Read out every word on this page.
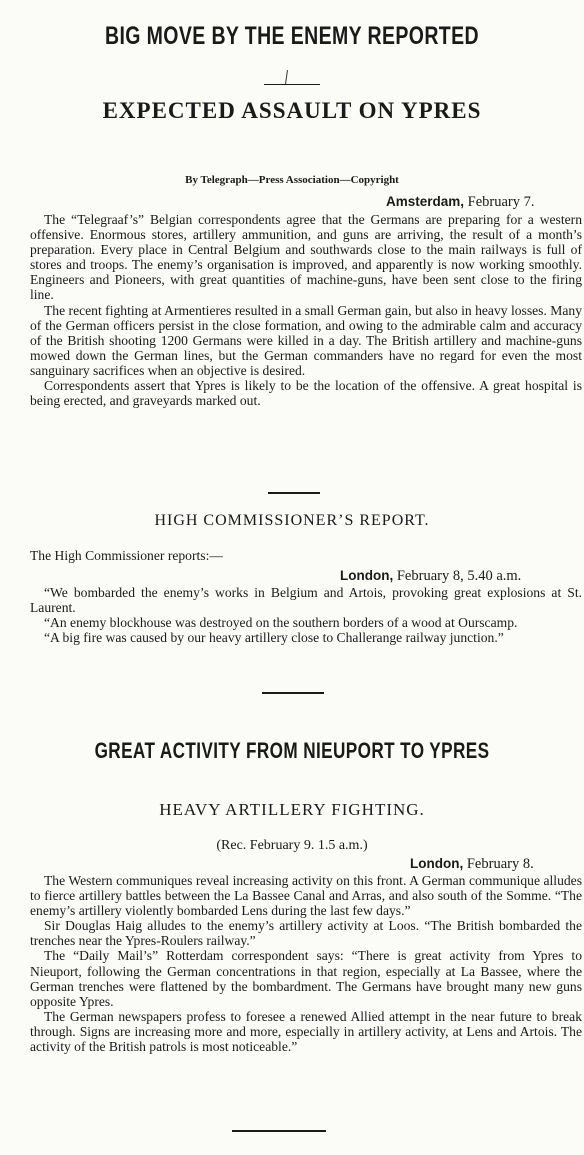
BIG MOVE BY THE ENEMY REPORTED
EXPECTED ASSAULT ON YPRES
By Telegraph—Press Association—Copyright
Amsterdam, February 7.

The “Telegraaf’s” Belgian correspondents agree that the Germans are preparing for a western offensive. Enormous stores, artillery ammunition, and guns are arriving, the result of a month’s preparation. Every place in Central Belgium and southwards close to the main railways is full of stores and troops. The enemy’s organisation is improved, and apparently is now working smoothly. Engineers and Pioneers, with great quantities of machine-guns, have been sent close to the firing line.

The recent fighting at Armentieres resulted in a small German gain, but also in heavy losses. Many of the German officers persist in the close formation, and owing to the admirable calm and accuracy of the British shooting 1200 Germans were killed in a day. The British artillery and machine-guns mowed down the German lines, but the German commanders have no regard for even the most sanguinary sacrifices when an objective is desired.

Correspondents assert that Ypres is likely to be the location of the offensive. A great hospital is being erected, and graveyards marked out.

HIGH COMMISSIONER’S REPORT.

The High Commissioner reports:—

London, February 8, 5.40 a.m.

“We bombarded the enemy’s works in Belgium and Artois, provoking great explosions at St. Laurent.

“An enemy blockhouse was destroyed on the southern borders of a wood at Ourscamp.

“A big fire was caused by our heavy artillery close to Challerange railway junction.”

GREAT ACTIVITY FROM NIEUPORT TO YPRES
HEAVY ARTILLERY FIGHTING.
(Rec. February 9. 1.5 a.m.)
London, February 8.

The Western communiques reveal increasing activity on this front. A German communique alludes to fierce artillery battles between the La Bassee Canal and Arras, and also south of the Somme. “The enemy’s artillery violently bombarded Lens during the last few days.”

Sir Douglas Haig alludes to the enemy’s artillery activity at Loos. “The British bombarded the trenches near the Ypres-Roulers railway.”

The “Daily Mail’s” Rotterdam correspondent says: “There is great activity from Ypres to Nieuport, following the German concentrations in that region, especially at La Bassee, where the German trenches were flattened by the bombardment. The Germans have brought many new guns opposite Ypres.

The German newspapers profess to foresee a renewed Allied attempt in the near future to break through. Signs are increasing more and more, especially in artillery activity, at Lens and Artois. The activity of the British patrols is most noticeable.”
